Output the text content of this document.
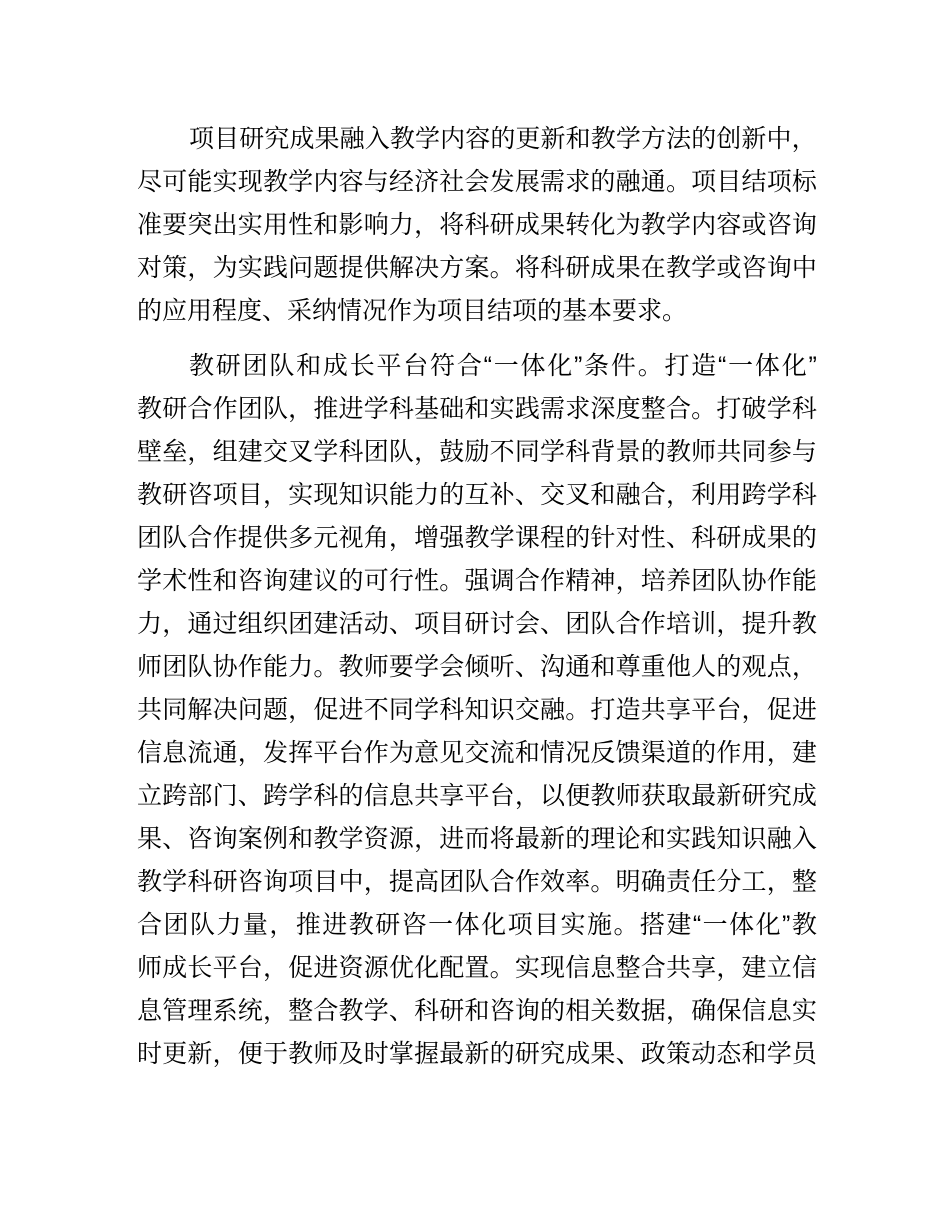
项 目 研 究 成 果 融 入 教 学 内 容 的 更 新 和 教 学 方 法 的 创 新 中 ，
尽 可 能 实 现 教 学 内 容 与 经 济 社 会 发 展 需 求 的 融 通 。 项 目 结 项 标
准 要 突 出 实 用 性 和 影 响 力 ， 将 科 研 成 果 转 化 为 教 学 内 容 或 咨 询
对 策 ， 为 实 践 问 题 提 供 解 决 方 案 。 将 科 研 成 果 在 教 学 或 咨 询 中
的应用程度、采纳情况作为项目结项的基本要求。
教 研 团 队 和 成 长 平 台 符 合 “ 一 体 化 ” 条 件 。 打 造 “ 一 体 化 ”
教 研 合 作 团 队 ， 推 进 学 科 基 础 和 实 践 需 求 深 度 整 合 。 打 破 学 科
壁 垒 ， 组 建 交 叉 学 科 团 队 ， 鼓 励 不 同 学 科 背 景 的 教 师 共 同 参 与
教 研 咨 项 目 ， 实 现 知 识 能 力 的 互 补 、 交 叉 和 融 合 ， 利 用 跨 学 科
团 队 合 作 提 供 多 元 视 角 ， 增 强 教 学 课 程 的 针 对 性 、 科 研 成 果 的
学 术 性 和 咨 询 建 议 的 可 行 性 。 强 调 合 作 精 神 ， 培 养 团 队 协 作 能
力 ， 通 过 组 织 团 建 活 动 、 项 目 研 讨 会 、 团 队 合 作 培 训 ， 提 升 教
师 团 队 协 作 能 力 。 教 师 要 学 会 倾 听 、 沟 通 和 尊 重 他 人 的 观 点 ，
共 同 解 决 问 题 ， 促 进 不 同 学 科 知 识 交 融 。 打 造 共 享 平 台 ， 促 进
信 息 流 通 ， 发 挥 平 台 作 为 意 见 交 流 和 情 况 反 馈 渠 道 的 作 用 ， 建
立 跨 部 门 、 跨 学 科 的 信 息 共 享 平 台 ， 以 便 教 师 获 取 最 新 研 究 成
果 、 咨 询 案 例 和 教 学 资 源 ， 进 而 将 最 新 的 理 论 和 实 践 知 识 融 入
教 学 科 研 咨 询 项 目 中 ， 提 高 团 队 合 作 效 率 。 明 确 责 任 分 工 ， 整
合 团 队 力 量 ， 推 进 教 研 咨 一 体 化 项 目 实 施 。 搭 建 “ 一 体 化 ” 教
师 成 长 平 台 ， 促 进 资 源 优 化 配 置 。 实 现 信 息 整 合 共 享 ， 建 立 信
息 管 理 系 统 ， 整 合 教 学 、 科 研 和 咨 询 的 相 关 数 据 ， 确 保 信 息 实
时 更 新 ， 便 于 教 师 及 时 掌 握 最 新 的 研 究 成 果 、 政 策 动 态 和 学 员
